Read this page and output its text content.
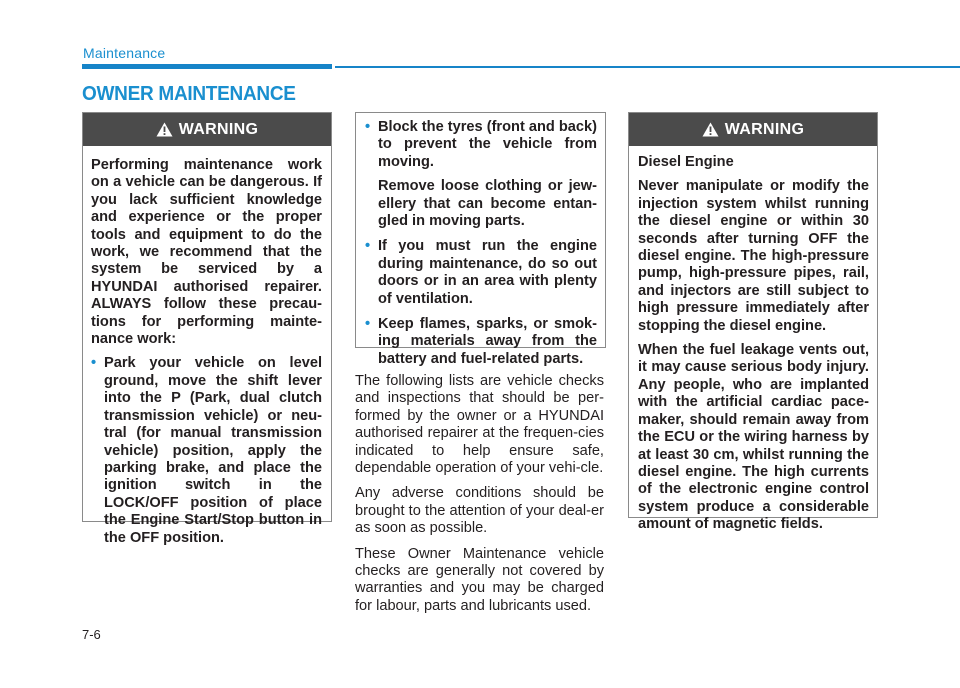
Maintenance
OWNER MAINTENANCE
WARNING
Performing maintenance work on a vehicle can be dangerous. If you lack sufficient knowledge and experience or the proper tools and equipment to do the work, we recommend that the system be serviced by a HYUNDAI authorised repairer. ALWAYS follow these precau-tions for performing mainte-nance work:
• Park your vehicle on level ground, move the shift lever into the P (Park, dual clutch transmission vehicle) or neu-tral (for manual transmission vehicle) position, apply the parking brake, and place the ignition switch in the LOCK/OFF position of place the Engine Start/Stop button in the OFF position.
• Block the tyres (front and back) to prevent the vehicle from moving.
Remove loose clothing or jew-ellery that can become entan-gled in moving parts.
• If you must run the engine during maintenance, do so out doors or in an area with plenty of ventilation.
• Keep flames, sparks, or smok-ing materials away from the battery and fuel-related parts.

The following lists are vehicle checks and inspections that should be per-formed by the owner or a HYUNDAI authorised repairer at the frequen-cies indicated to help ensure safe, dependable operation of your vehi-cle.

Any adverse conditions should be brought to the attention of your deal-er as soon as possible.

These Owner Maintenance vehicle checks are generally not covered by warranties and you may be charged for labour, parts and lubricants used.

WARNING
Diesel Engine
Never manipulate or modify the injection system whilst running the diesel engine or within 30 seconds after turning OFF the diesel engine. The high-pressure pump, high-pressure pipes, rail, and injectors are still subject to high pressure immediately after stopping the diesel engine.
When the fuel leakage vents out, it may cause serious body injury. Any people, who are implanted with the artificial cardiac pace-maker, should remain away from the ECU or the wiring harness by at least 30 cm, whilst running the diesel engine. The high currents of the electronic engine control system produce a considerable amount of magnetic fields.
7-6
